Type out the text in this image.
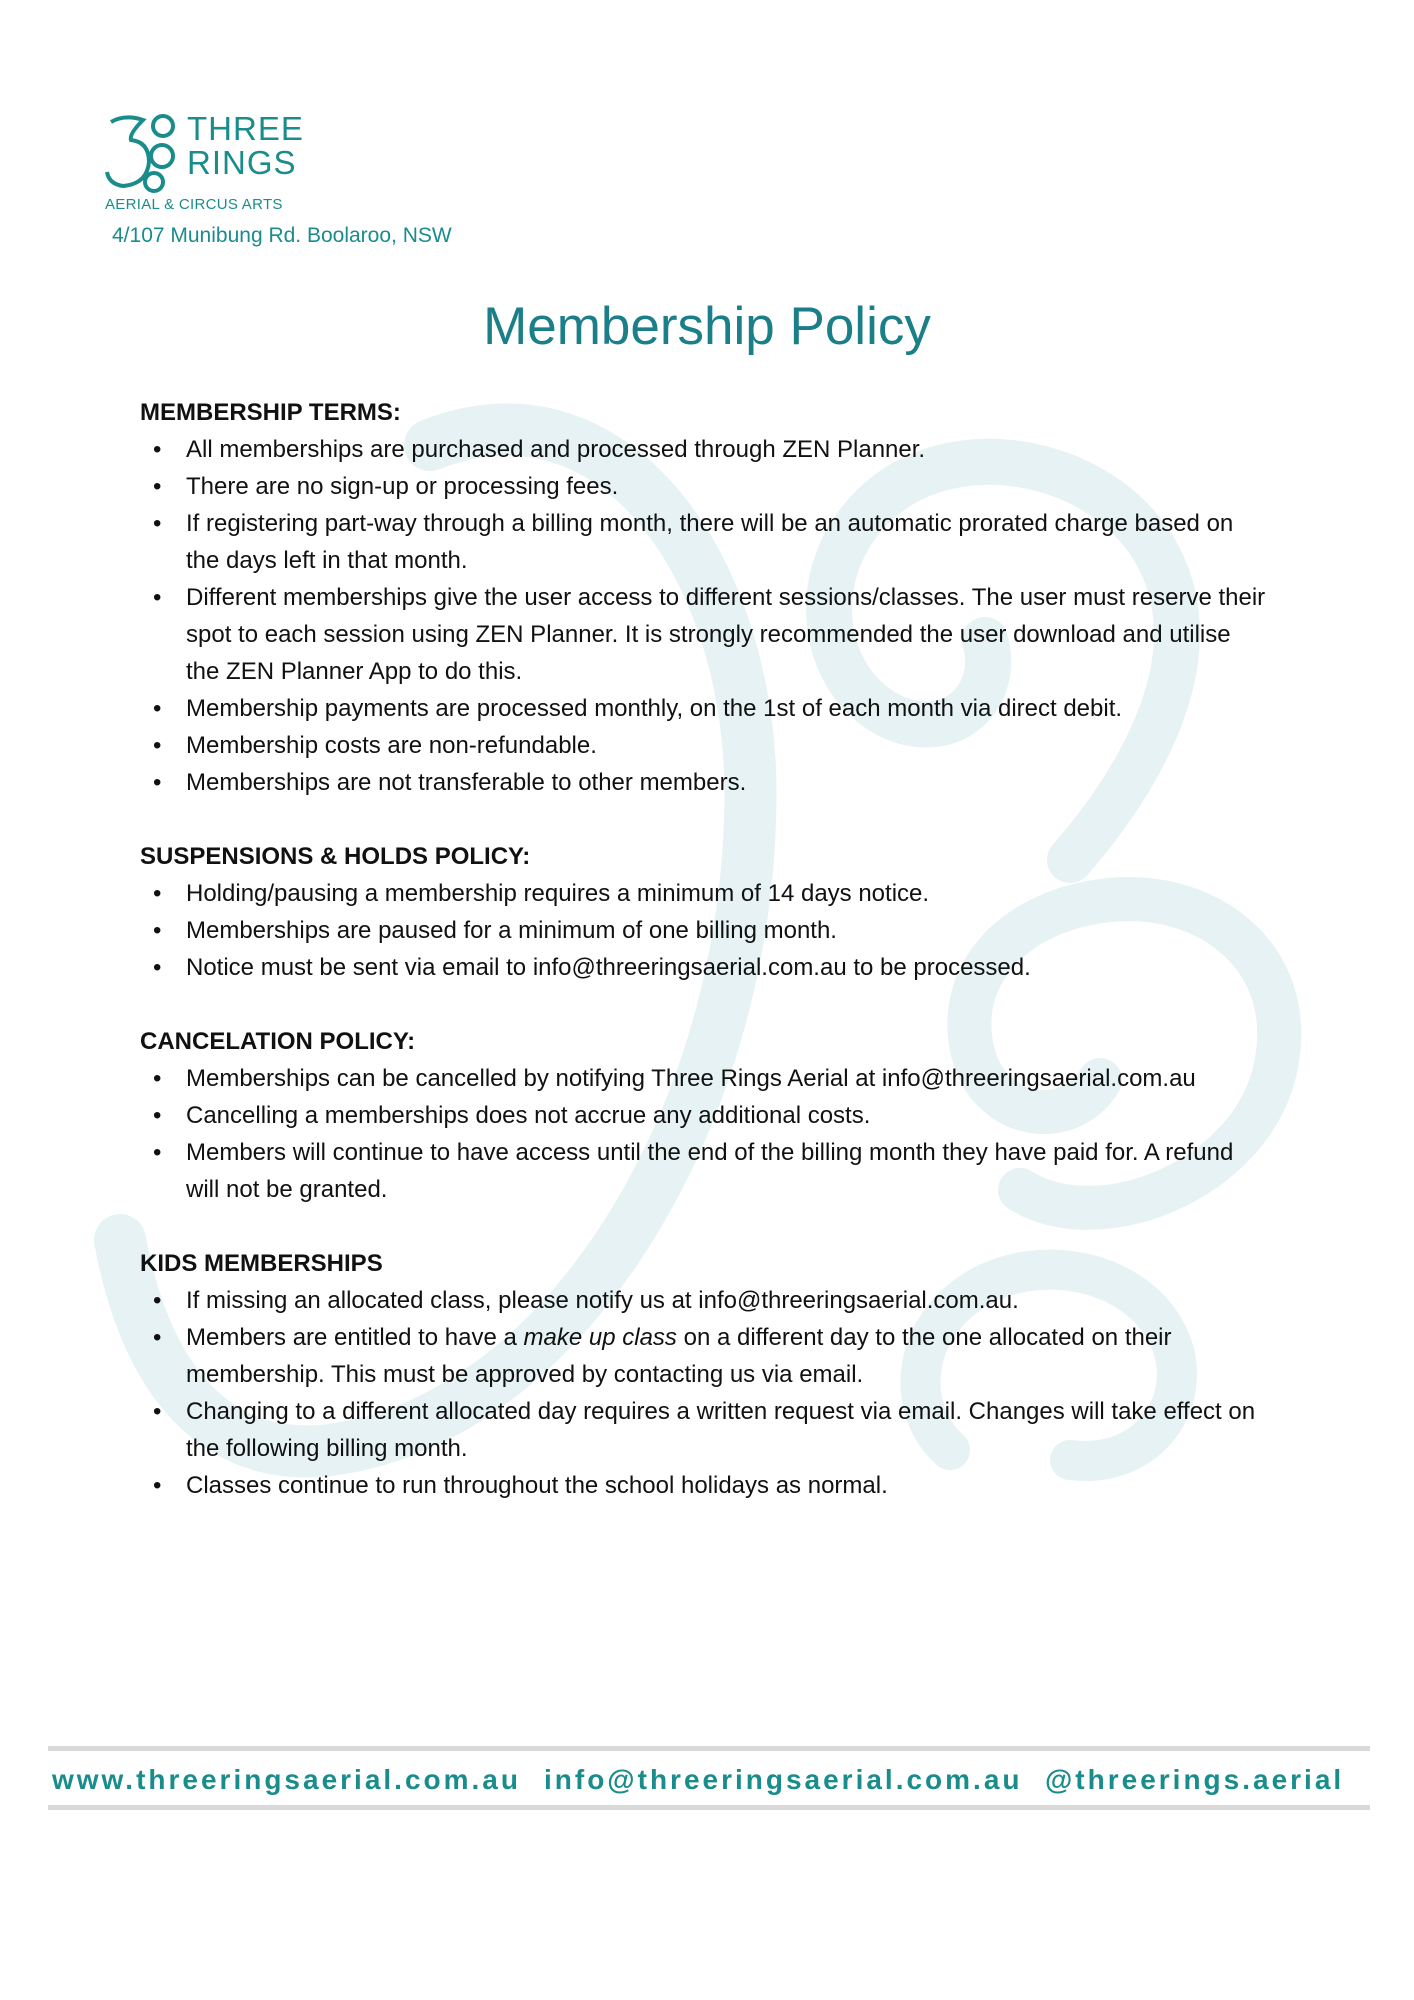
THREE
RINGS
AERIAL & CIRCUS ARTS
4/107 Munibung Rd. Boolaroo, NSW
Membership Policy
MEMBERSHIP TERMS:
• All memberships are purchased and processed through ZEN Planner.
• There are no sign-up or processing fees.
• If registering part-way through a billing month, there will be an automatic prorated charge based on the days left in that month.
• Different memberships give the user access to different sessions/classes. The user must reserve their spot to each session using ZEN Planner. It is strongly recommended the user download and utilise the ZEN Planner App to do this.
• Membership payments are processed monthly, on the 1st of each month via direct debit.
• Membership costs are non-refundable.
• Memberships are not transferable to other members.
SUSPENSIONS & HOLDS POLICY:
• Holding/pausing a membership requires a minimum of 14 days notice.
• Memberships are paused for a minimum of one billing month.
• Notice must be sent via email to info@threeringsaerial.com.au to be processed.
CANCELATION POLICY:
• Memberships can be cancelled by notifying Three Rings Aerial at info@threeringsaerial.com.au
• Cancelling a memberships does not accrue any additional costs.
• Members will continue to have access until the end of the billing month they have paid for. A refund will not be granted.
KIDS MEMBERSHIPS
• If missing an allocated class, please notify us at info@threeringsaerial.com.au.
• Members are entitled to have a make up class on a different day to the one allocated on their membership. This must be approved by contacting us via email.
• Changing to a different allocated day requires a written request via email. Changes will take effect on the following billing month.
• Classes continue to run throughout the school holidays as normal.
www.threeringsaerial.com.au info@threeringsaerial.com.au @threerings.aerial
